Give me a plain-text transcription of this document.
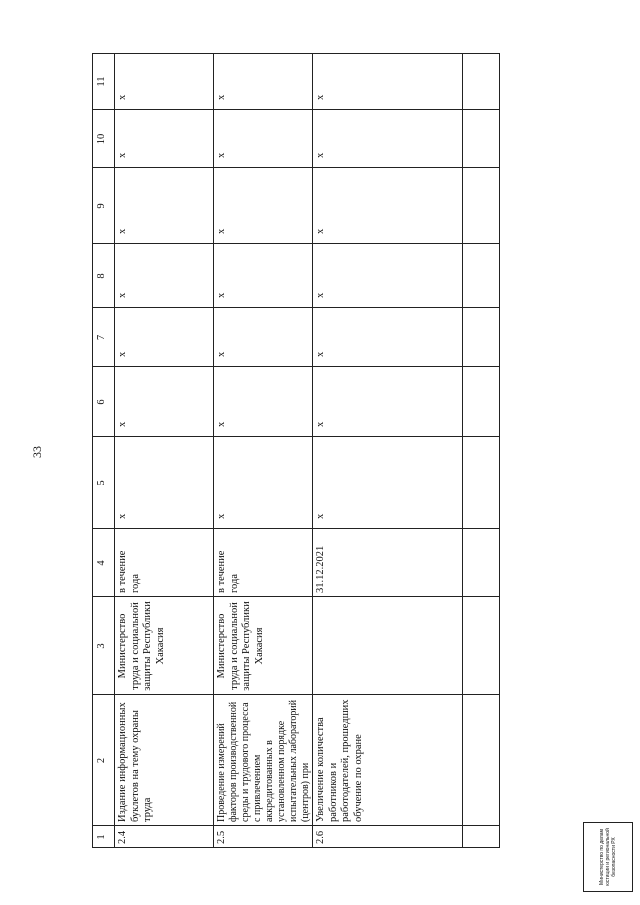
33
1
2
3
4
5
6
7
8
9
10
11
2.4
Издание информационных буклетов на тему охраны труда
Министерство труда и социальной защиты Республики Хакасия
в течение года
х
х
х
х
х
х
х
2.5
Проведение измерений факторов производственной среды и трудового процесса с привлечением аккредитованных в установленном порядке испытательных лабораторий (центров) при
Министерство труда и социальной защиты Республики Хакасия
в течение года
х
х
х
х
х
х
х
2.6
Увеличение количества работников и работодателей, прошедших обучение по охране
31.12.2021
х
х
х
х
х
х
х
Министерство по делам юстиции и региональной безопасности РХ
